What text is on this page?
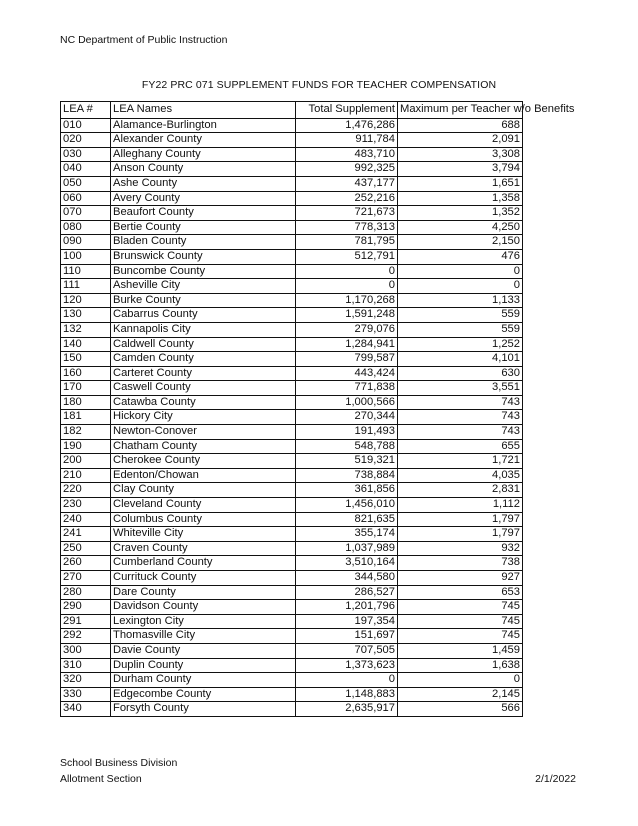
NC Department of Public Instruction
FY22 PRC 071 SUPPLEMENT FUNDS FOR TEACHER COMPENSATION
LEA #	LEA Names	Total Supplement	Maximum per Teacher w/o Benefits
010	Alamance-Burlington	1,476,286	688
020	Alexander County	911,784	2,091
030	Alleghany County	483,710	3,308
040	Anson County	992,325	3,794
050	Ashe County	437,177	1,651
060	Avery County	252,216	1,358
070	Beaufort County	721,673	1,352
080	Bertie County	778,313	4,250
090	Bladen County	781,795	2,150
100	Brunswick County	512,791	476
110	Buncombe County	0	0
111	Asheville City	0	0
120	Burke County	1,170,268	1,133
130	Cabarrus County	1,591,248	559
132	Kannapolis City	279,076	559
140	Caldwell County	1,284,941	1,252
150	Camden County	799,587	4,101
160	Carteret County	443,424	630
170	Caswell County	771,838	3,551
180	Catawba County	1,000,566	743
181	Hickory City	270,344	743
182	Newton-Conover	191,493	743
190	Chatham County	548,788	655
200	Cherokee County	519,321	1,721
210	Edenton/Chowan	738,884	4,035
220	Clay County	361,856	2,831
230	Cleveland County	1,456,010	1,112
240	Columbus County	821,635	1,797
241	Whiteville City	355,174	1,797
250	Craven County	1,037,989	932
260	Cumberland County	3,510,164	738
270	Currituck County	344,580	927
280	Dare County	286,527	653
290	Davidson County	1,201,796	745
291	Lexington City	197,354	745
292	Thomasville City	151,697	745
300	Davie County	707,505	1,459
310	Duplin County	1,373,623	1,638
320	Durham County	0	0
330	Edgecombe County	1,148,883	2,145
340	Forsyth County	2,635,917	566
School Business Division
Allotment Section	2/1/2022
